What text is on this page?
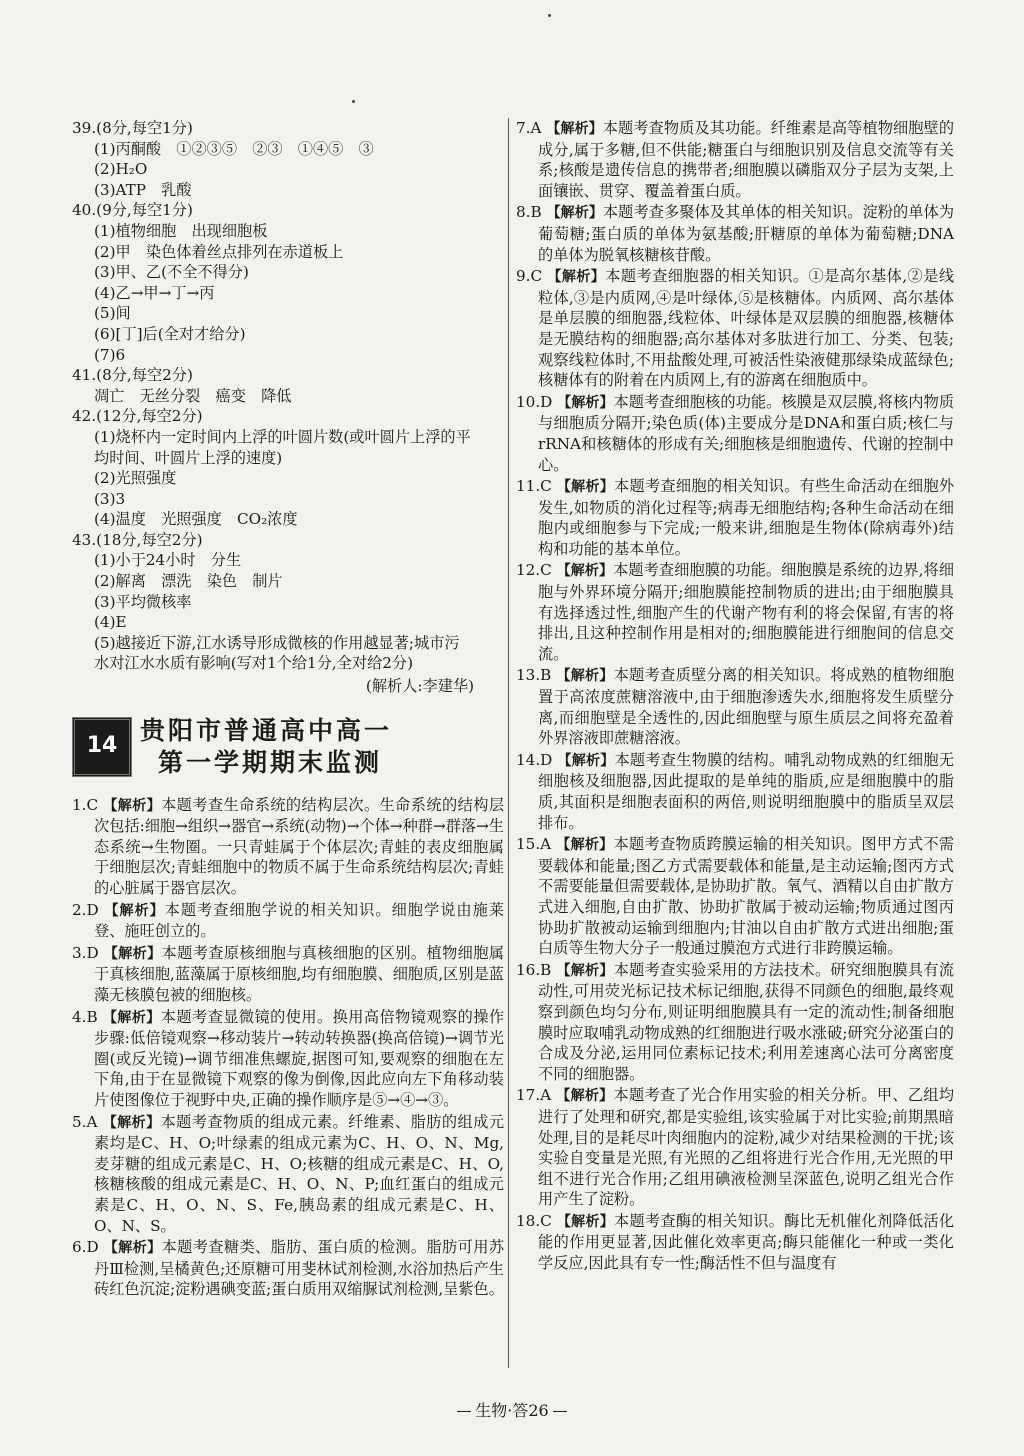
39.(8分,每空1分)
(1)丙酮酸　①②③⑤　②③　①④⑤　③
(2)H₂O
(3)ATP　乳酸
40.(9分,每空1分)
(1)植物细胞　出现细胞板
(2)甲　染色体着丝点排列在赤道板上
(3)甲、乙(不全不得分)
(4)乙→甲→丁→丙
(5)间
(6)[丁]后(全对才给分)
(7)6
41.(8分,每空2分)
凋亡　无丝分裂　癌变　降低
42.(12分,每空2分)
(1)烧杯内一定时间内上浮的叶圆片数(或叶圆片上浮的平
均时间、叶圆片上浮的速度)
(2)光照强度
(3)3
(4)温度　光照强度　CO₂浓度
43.(18分,每空2分)
(1)小于24小时　分生
(2)解离　漂洗　染色　制片
(3)平均微核率
(4)E
(5)越接近下游,江水诱导形成微核的作用越显著;城市污
水对江水水质有影响(写对1个给1分,全对给2分)
(解析人:李建华)
14
贵阳市普通高中高一
第一学期期末监测
1.C 【解析】本题考查生命系统的结构层次。生命系统的结构层次包括:细胞→组织→器官→系统(动物)→个体→种群→群落→生态系统→生物圈。一只青蛙属于个体层次;青蛙的表皮细胞属于细胞层次;青蛙细胞中的物质不属于生命系统结构层次;青蛙的心脏属于器官层次。
2.D 【解析】本题考查细胞学说的相关知识。细胞学说由施莱登、施旺创立的。
3.D 【解析】本题考查原核细胞与真核细胞的区别。植物细胞属于真核细胞,蓝藻属于原核细胞,均有细胞膜、细胞质,区别是蓝藻无核膜包被的细胞核。
4.B 【解析】本题考查显微镜的使用。换用高倍物镜观察的操作步骤:低倍镜观察→移动装片→转动转换器(换高倍镜)→调节光圈(或反光镜)→调节细准焦螺旋,据图可知,要观察的细胞在左下角,由于在显微镜下观察的像为倒像,因此应向左下角移动装片使图像位于视野中央,正确的操作顺序是⑤→④→③。
5.A 【解析】本题考查物质的组成元素。纤维素、脂肪的组成元素均是C、H、O;叶绿素的组成元素为C、H、O、N、Mg,麦芽糖的组成元素是C、H、O;核糖的组成元素是C、H、O,核糖核酸的组成元素是C、H、O、N、P;血红蛋白的组成元素是C、H、O、N、S、Fe,胰岛素的组成元素是C、H、O、N、S。
6.D 【解析】本题考查糖类、脂肪、蛋白质的检测。脂肪可用苏丹Ⅲ检测,呈橘黄色;还原糖可用斐林试剂检测,水浴加热后产生砖红色沉淀;淀粉遇碘变蓝;蛋白质用双缩脲试剂检测,呈紫色。
7.A 【解析】本题考查物质及其功能。纤维素是高等植物细胞壁的成分,属于多糖,但不供能;糖蛋白与细胞识别及信息交流等有关系;核酸是遗传信息的携带者;细胞膜以磷脂双分子层为支架,上面镶嵌、贯穿、覆盖着蛋白质。
8.B 【解析】本题考查多聚体及其单体的相关知识。淀粉的单体为葡萄糖;蛋白质的单体为氨基酸;肝糖原的单体为葡萄糖;DNA的单体为脱氧核糖核苷酸。
9.C 【解析】本题考查细胞器的相关知识。①是高尔基体,②是线粒体,③是内质网,④是叶绿体,⑤是核糖体。内质网、高尔基体是单层膜的细胞器,线粒体、叶绿体是双层膜的细胞器,核糖体是无膜结构的细胞器;高尔基体对多肽进行加工、分类、包装;观察线粒体时,不用盐酸处理,可被活性染液健那绿染成蓝绿色;核糖体有的附着在内质网上,有的游离在细胞质中。
10.D 【解析】本题考查细胞核的功能。核膜是双层膜,将核内物质与细胞质分隔开;染色质(体)主要成分是DNA和蛋白质;核仁与rRNA和核糖体的形成有关;细胞核是细胞遗传、代谢的控制中心。
11.C 【解析】本题考查细胞的相关知识。有些生命活动在细胞外发生,如物质的消化过程等;病毒无细胞结构;各种生命活动在细胞内或细胞参与下完成;一般来讲,细胞是生物体(除病毒外)结构和功能的基本单位。
12.C 【解析】本题考查细胞膜的功能。细胞膜是系统的边界,将细胞与外界环境分隔开;细胞膜能控制物质的进出;由于细胞膜具有选择透过性,细胞产生的代谢产物有利的将会保留,有害的将排出,且这种控制作用是相对的;细胞膜能进行细胞间的信息交流。
13.B 【解析】本题考查质壁分离的相关知识。将成熟的植物细胞置于高浓度蔗糖溶液中,由于细胞渗透失水,细胞将发生质壁分离,而细胞壁是全透性的,因此细胞壁与原生质层之间将充盈着外界溶液即蔗糖溶液。
14.D 【解析】本题考查生物膜的结构。哺乳动物成熟的红细胞无细胞核及细胞器,因此提取的是单纯的脂质,应是细胞膜中的脂质,其面积是细胞表面积的两倍,则说明细胞膜中的脂质呈双层排布。
15.A 【解析】本题考查物质跨膜运输的相关知识。图甲方式不需要载体和能量;图乙方式需要载体和能量,是主动运输;图丙方式不需要能量但需要载体,是协助扩散。氧气、酒精以自由扩散方式进入细胞,自由扩散、协助扩散属于被动运输;物质通过图丙协助扩散被动运输到细胞内;甘油以自由扩散方式进出细胞;蛋白质等生物大分子一般通过膜泡方式进行非跨膜运输。
16.B 【解析】本题考查实验采用的方法技术。研究细胞膜具有流动性,可用荧光标记技术标记细胞,获得不同颜色的细胞,最终观察到颜色均匀分布,则证明细胞膜具有一定的流动性;制备细胞膜时应取哺乳动物成熟的红细胞进行吸水涨破;研究分泌蛋白的合成及分泌,运用同位素标记技术;利用差速离心法可分离密度不同的细胞器。
17.A 【解析】本题考查了光合作用实验的相关分析。甲、乙组均进行了处理和研究,都是实验组,该实验属于对比实验;前期黑暗处理,目的是耗尽叶肉细胞内的淀粉,减少对结果检测的干扰;该实验自变量是光照,有光照的乙组将进行光合作用,无光照的甲组不进行光合作用;乙组用碘液检测呈深蓝色,说明乙组光合作用产生了淀粉。
18.C 【解析】本题考查酶的相关知识。酶比无机催化剂降低活化能的作用更显著,因此催化效率更高;酶只能催化一种或一类化学反应,因此具有专一性;酶活性不但与温度有
生物·答26
